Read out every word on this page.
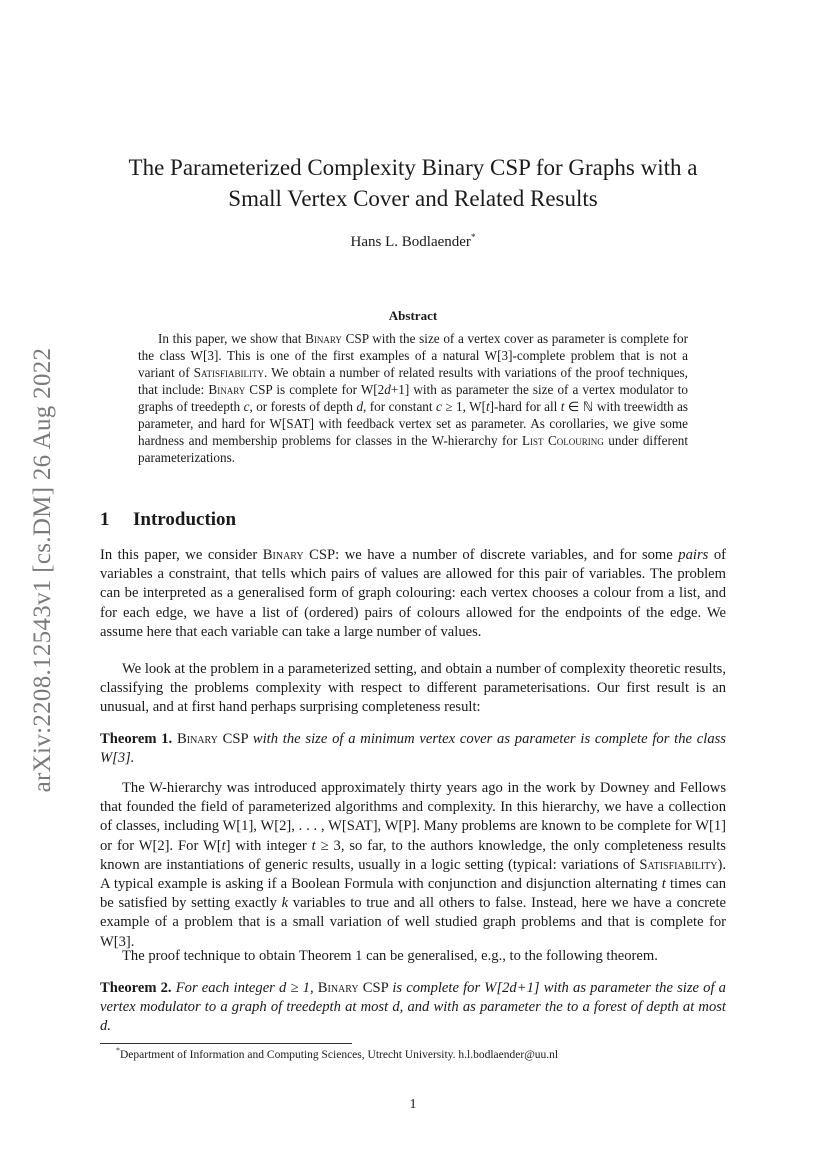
arXiv:2208.12543v1 [cs.DM] 26 Aug 2022
The Parameterized Complexity Binary CSP for Graphs with a
Small Vertex Cover and Related Results
Hans L. Bodlaender*
Abstract

In this paper, we show that Binary CSP with the size of a vertex cover as parameter is complete for the class W[3]. This is one of the first examples of a natural W[3]-complete problem that is not a variant of Satisfiability. We obtain a number of related results with variations of the proof techniques, that include: Binary CSP is complete for W[2d+1] with as parameter the size of a vertex modulator to graphs of treedepth c, or forests of depth d, for constant c ≥ 1, W[t]-hard for all t ∈ ℕ with treewidth as parameter, and hard for W[SAT] with feedback vertex set as parameter. As corollaries, we give some hardness and membership problems for classes in the W-hierarchy for List Colouring under different parameterizations.

1 Introduction

In this paper, we consider Binary CSP: we have a number of discrete variables, and for some pairs of variables a constraint, that tells which pairs of values are allowed for this pair of variables. The problem can be interpreted as a generalised form of graph colouring: each vertex chooses a colour from a list, and for each edge, we have a list of (ordered) pairs of colours allowed for the endpoints of the edge. We assume here that each variable can take a large number of values.

We look at the problem in a parameterized setting, and obtain a number of complexity theoretic results, classifying the problems complexity with respect to different parameterisations. Our first result is an unusual, and at first hand perhaps surprising completeness result:

Theorem 1. Binary CSP with the size of a minimum vertex cover as parameter is complete for the class W[3].

The W-hierarchy was introduced approximately thirty years ago in the work by Downey and Fellows that founded the field of parameterized algorithms and complexity. In this hierarchy, we have a collection of classes, including W[1], W[2], . . . , W[SAT], W[P]. Many problems are known to be complete for W[1] or for W[2]. For W[t] with integer t ≥ 3, so far, to the authors knowledge, the only completeness results known are instantiations of generic results, usually in a logic setting (typical: variations of Satisfiability). A typical example is asking if a Boolean Formula with conjunction and disjunction alternating t times can be satisfied by setting exactly k variables to true and all others to false. Instead, here we have a concrete example of a problem that is a small variation of well studied graph problems and that is complete for W[3].

The proof technique to obtain Theorem 1 can be generalised, e.g., to the following theorem.

Theorem 2. For each integer d ≥ 1, Binary CSP is complete for W[2d+1] with as parameter the size of a vertex modulator to a graph of treedepth at most d, and with as parameter the to a forest of depth at most d.

*Department of Information and Computing Sciences, Utrecht University. h.l.bodlaender@uu.nl
1
